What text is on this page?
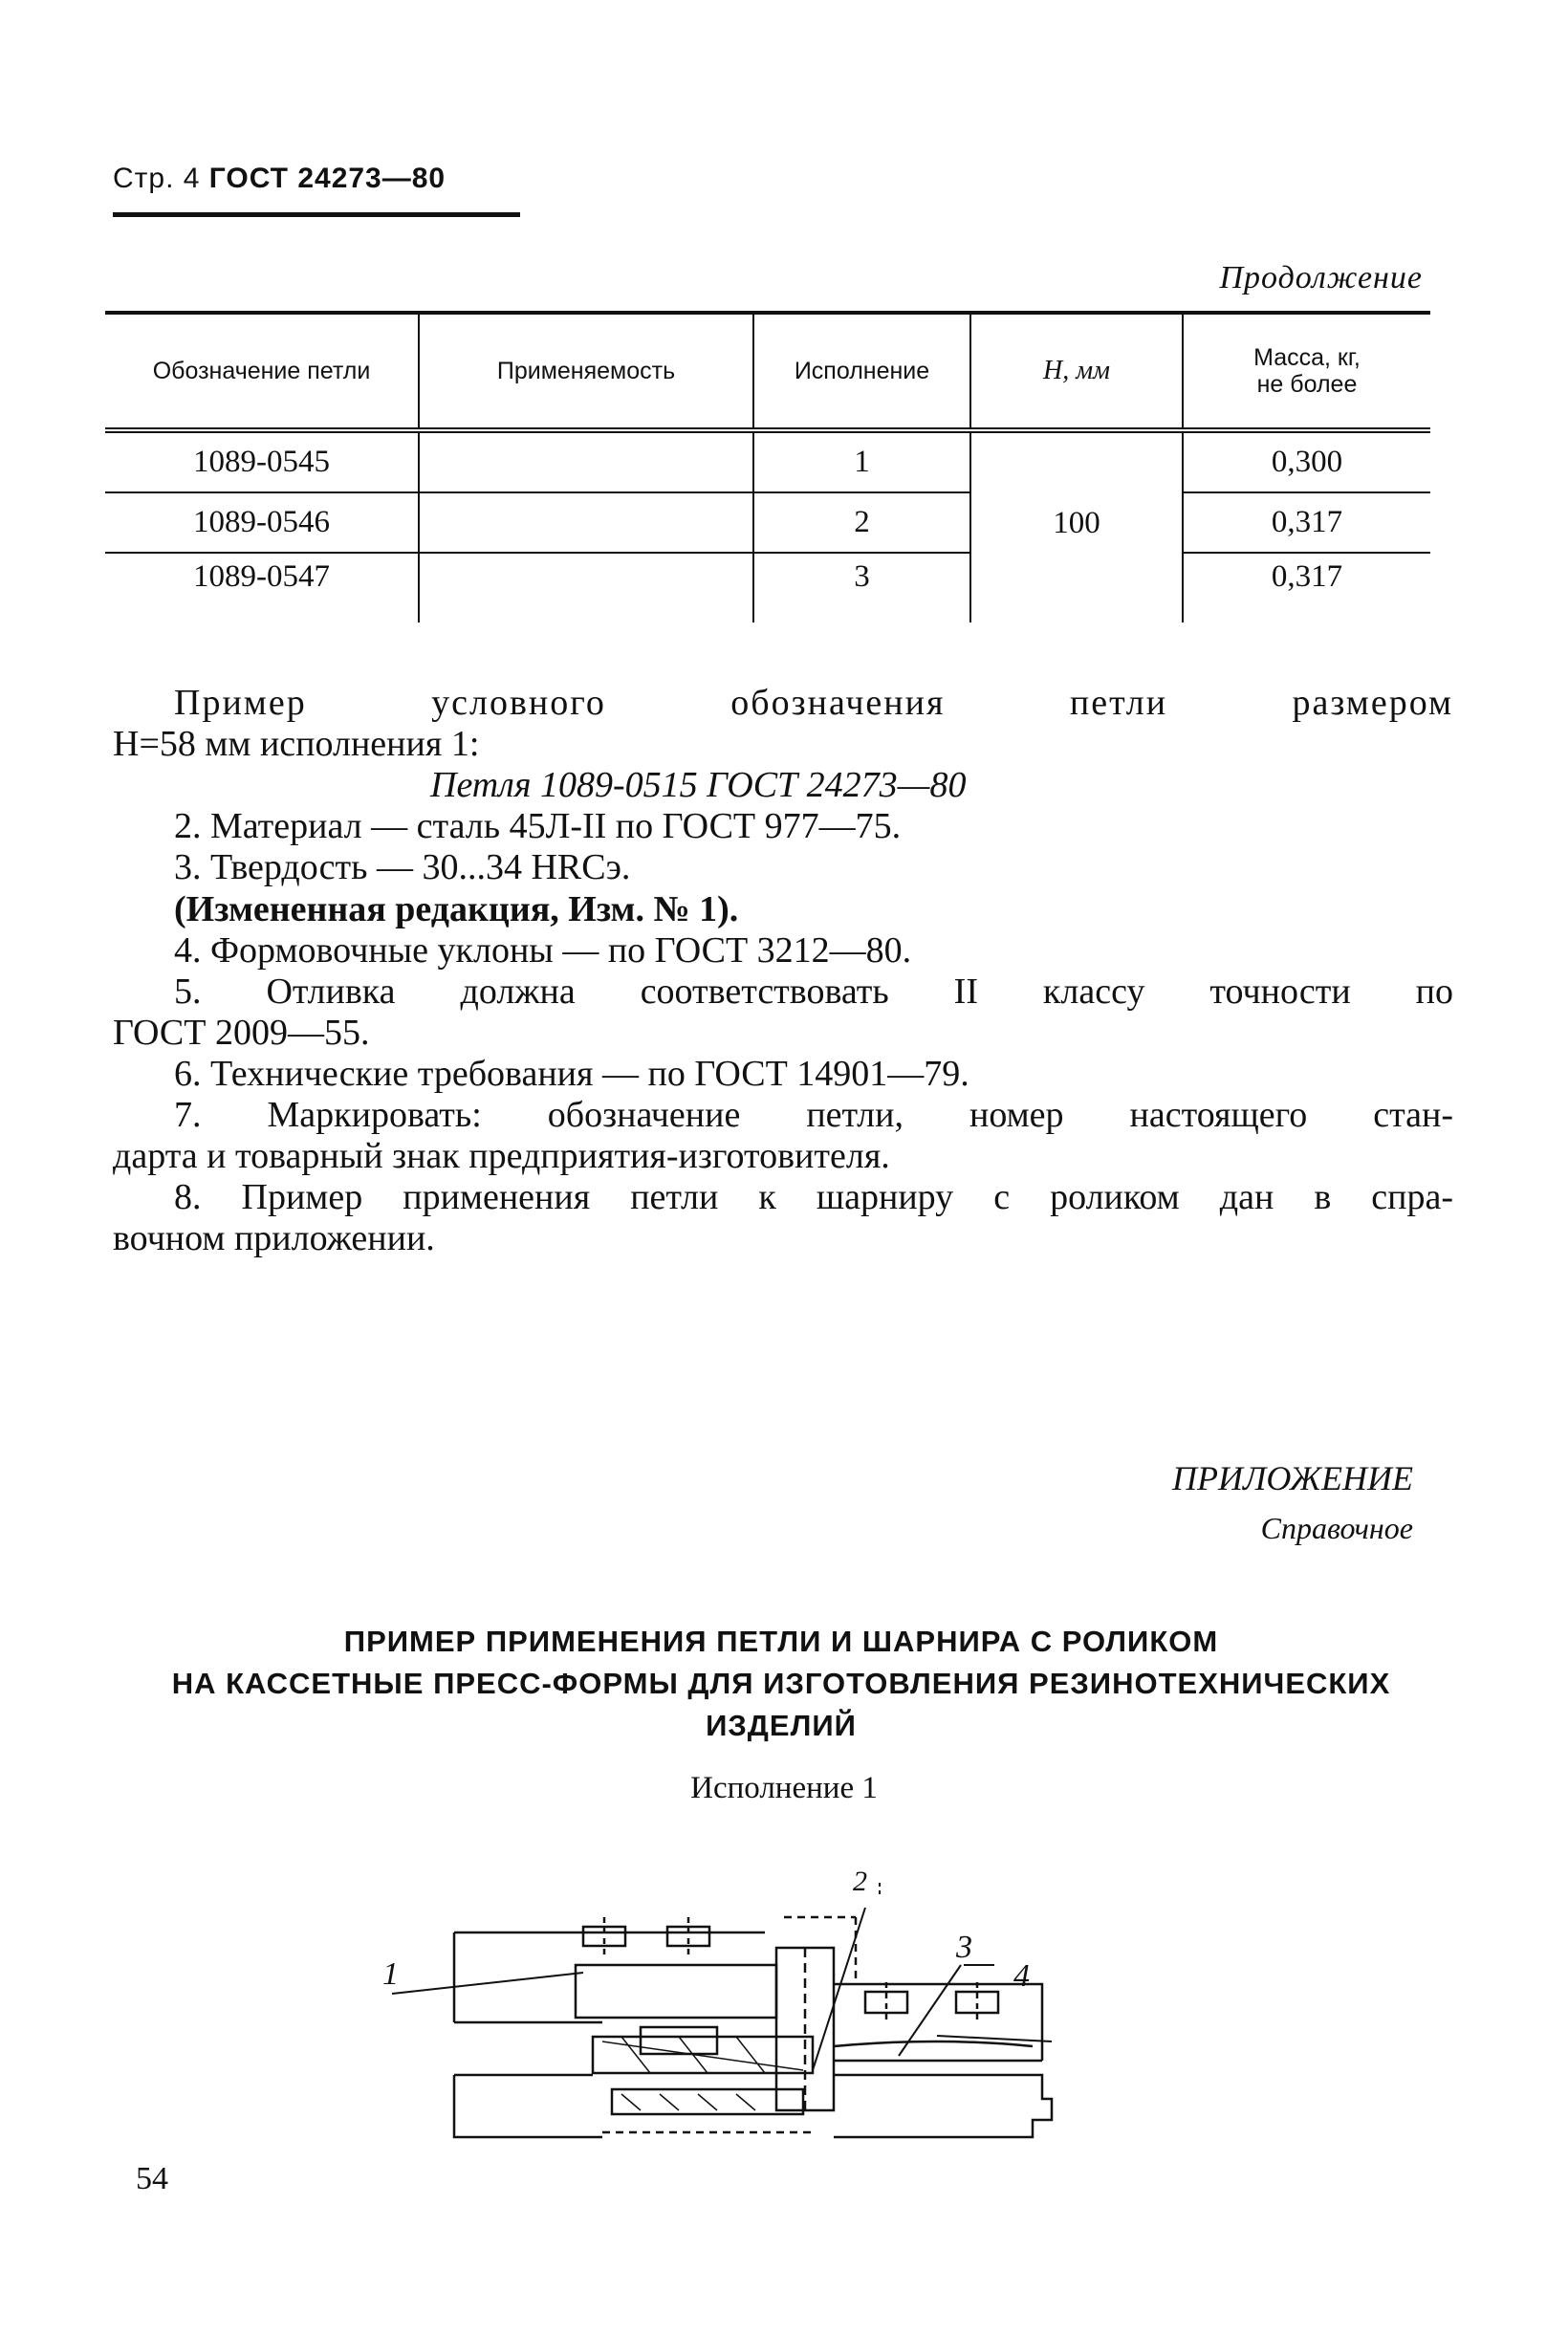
Стр. 4 ГОСТ 24273—80
Продолжение
Обозначение петли	Применяемость	Исполнение	H, мм	Масса, кг,
не более

1089-0545		1	100	0,300
1089-0546		2		0,317
1089-0547		3		0,317
Пример	условного	обозначения	петли	размером
H=58 мм исполнения 1:
Петля 1089-0515 ГОСТ 24273—80
2. Материал — сталь 45Л-II по ГОСТ 977—75.
3. Твердость — 30...34 HRCэ.
(Измененная редакция, Изм. № 1).
4. Формовочные уклоны — по ГОСТ 3212—80.
5. Отливка должна соответствовать II классу точности по
ГОСТ 2009—55.
6. Технические требования — по ГОСТ 14901—79.
7. Маркировать: обозначение петли, номер настоящего стан-
дарта и товарный знак предприятия-изготовителя.
8. Пример применения петли к шарниру с роликом дан в спра-
вочном приложении.
ПРИЛОЖЕНИЕ
Справочное
ПРИМЕР ПРИМЕНЕНИЯ ПЕТЛИ И ШАРНИРА С РОЛИКОМ
НА КАССЕТНЫЕ ПРЕСС-ФОРМЫ ДЛЯ ИЗГОТОВЛЕНИЯ РЕЗИНОТЕХНИЧЕСКИХ
ИЗДЕЛИЙ
Исполнение 1
1
2
3
4
54
